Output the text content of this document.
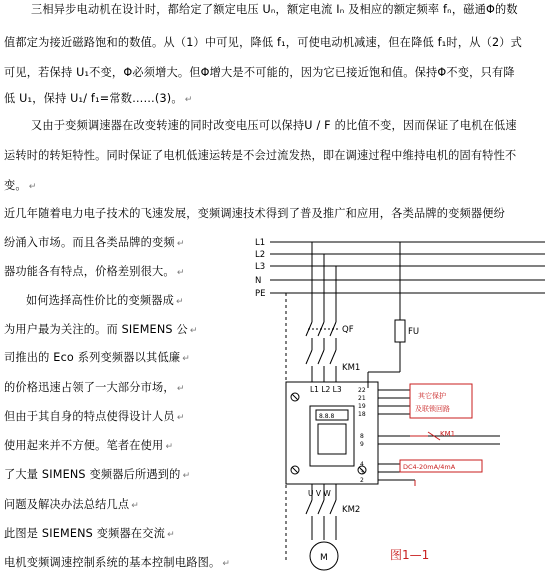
三相异步电动机在设计时，都给定了额定电压 Uₙ，额定电流 Iₙ 及相应的额定频率 fₙ，磁通Φ的数
值都定为接近磁路饱和的数值。从（1）中可见，降低 f₁，可使电动机减速，但在降低 f₁时，从（2）式
可见，若保持 U₁不变，Φ必须增大。但Φ增大是不可能的，因为它已接近饱和值。保持Φ不变，只有降
低 U₁，保持 U₁/ f₁=常数……(3)。 ↵
又由于变频调速器在改变转速的同时改变电压可以保持U / F 的比值不变，因而保证了电机在低速
运转时的转矩特性。同时保证了电机低速运转是不会过流发热，即在调速过程中维持电机的固有特性不
变。 ↵
近几年随着电力电子技术的飞速发展，变频调速技术得到了普及推广和应用，各类品牌的变频器便纷
纷涌入市场。而且各类品牌的变频 ↵
器功能各有特点，价格差别很大。 ↵
如何选择高性价比的变频器成 ↵
为用户最为关注的。而 SIEMENS 公 ↵
司推出的 Eco 系列变频器以其低廉 ↵
的价格迅速占领了一大部分市场， ↵
但由于其自身的特点使得设计人员 ↵
使用起来并不方便。笔者在使用 ↵
了大量 SIMENS 变频器后所遇到的 ↵
问题及解决办法总结几点 ↵
此图是 SIEMENS 变频器在交流 ↵
电机变频调速控制系统的基本控制电路图。 ↵
L1
L2
L3
N
PE
QF	FU
KM1
L1 L2 L3	22
21
19
18
8
9
4
3
2
8.8.8
U V W
KM2
M
其它保护
及联锁回路
KM1
DC4-20mA/4mA
图1—1
